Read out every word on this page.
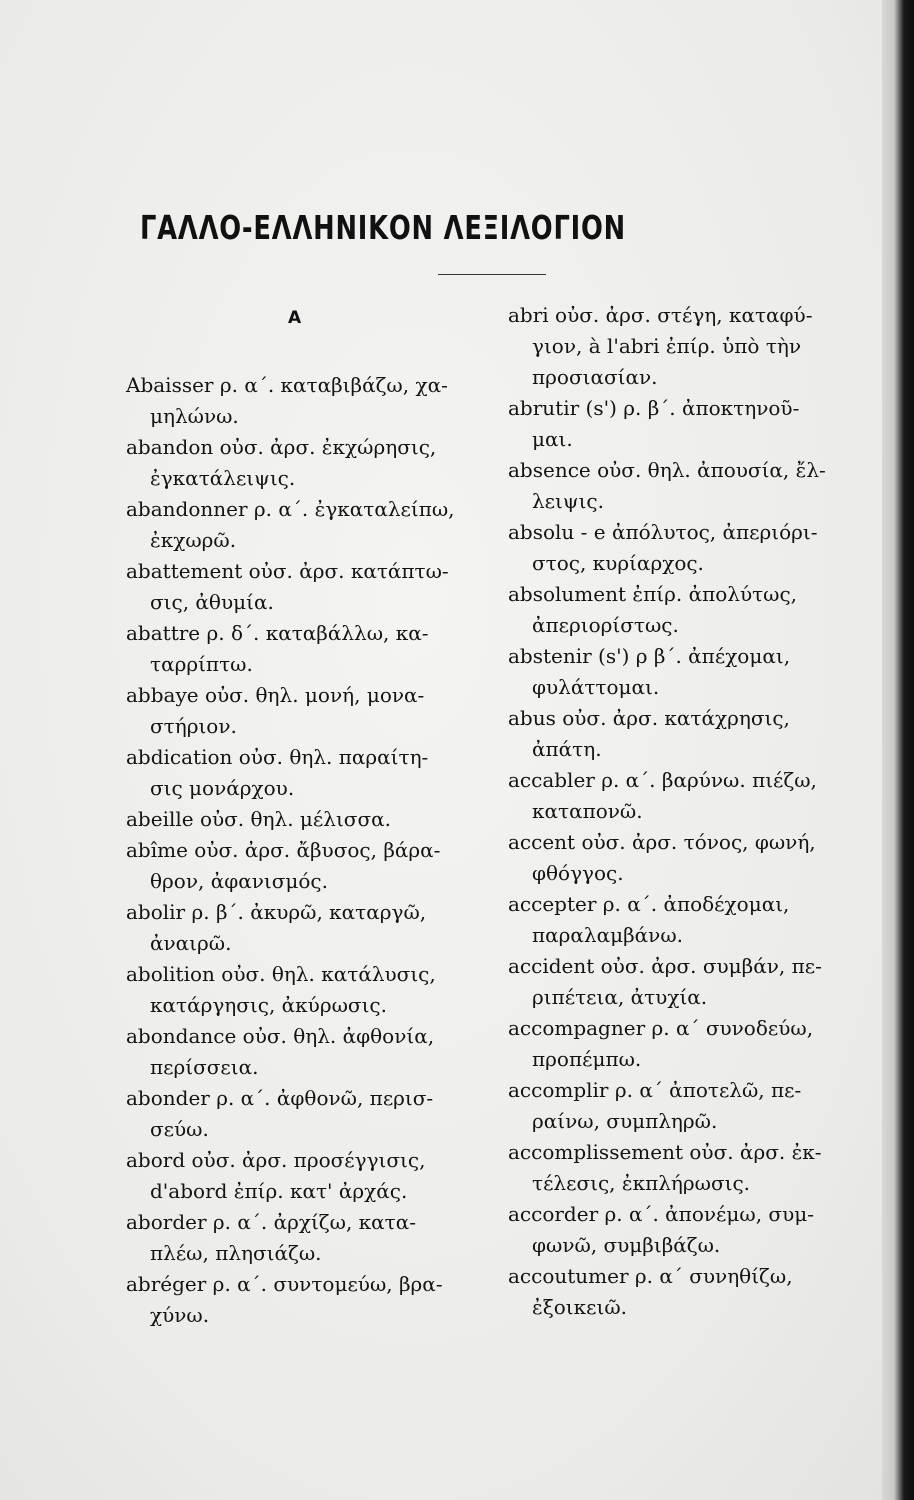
ΓΑΛΛΟ-ΕΛΛΗΝΙΚΟΝ ΛΕΞΙΛΟΓΙΟΝ
Α
Abaisser ρ. α΄. καταβιβάζω, χα-
μηλώνω.
abandon οὐσ. ἀρσ. ἐκχώρησις,
ἐγκατάλειψις.
abandonner ρ. α΄. ἐγκαταλείπω,
ἐκχωρῶ.
abattement οὐσ. ἀρσ. κατάπτω-
σις, ἀθυμία.
abattre ρ. δ΄. καταβάλλω, κα-
ταρρίπτω.
abbaye οὐσ. θηλ. μονή, μονα-
στήριον.
abdication οὐσ. θηλ. παραίτη-
σις μονάρχου.
abeille οὐσ. θηλ. μέλισσα.
abîme οὐσ. ἀρσ. ἄβυσος, βάρα-
θρον, ἀφανισμός.
abolir ρ. β΄. ἀκυρῶ, καταργῶ,
ἀναιρῶ.
abolition οὐσ. θηλ. κατάλυσις,
κατάργησις, ἀκύρωσις.
abondance οὐσ. θηλ. ἀφθονία,
περίσσεια.
abonder ρ. α΄. ἀφθονῶ, περισ-
σεύω.
abord οὐσ. ἀρσ. προσέγγισις,
d'abord ἐπίρ. κατ' ἀρχάς.
aborder ρ. α΄. ἀρχίζω, κατα-
πλέω, πλησιάζω.
abréger ρ. α΄. συντομεύω, βρα-
χύνω.
abri οὐσ. ἀρσ. στέγη, καταφύ-
γιον, à l'abri ἐπίρ. ὑπὸ τὴν
προσιασίαν.
abrutir (s') ρ. β΄. ἀποκτηνοῦ-
μαι.
absence οὐσ. θηλ. ἀπουσία, ἔλ-
λειψις.
absolu - e ἀπόλυτος, ἀπεριόρι-
στος, κυρίαρχος.
absolument ἐπίρ. ἀπολύτως,
ἀπεριορίστως.
abstenir (s') ρ β΄. ἀπέχομαι,
φυλάττομαι.
abus οὐσ. ἀρσ. κατάχρησις,
ἀπάτη.
accabler ρ. α΄. βαρύνω. πιέζω,
καταπονῶ.
accent οὐσ. ἀρσ. τόνος, φωνή,
φθόγγος.
accepter ρ. α΄. ἀποδέχομαι,
παραλαμβάνω.
accident οὐσ. ἀρσ. συμβάν, πε-
ριπέτεια, ἀτυχία.
accompagner ρ. α΄ συνοδεύω,
προπέμπω.
accomplir ρ. α΄ ἀποτελῶ, πε-
ραίνω, συμπληρῶ.
accomplissement οὐσ. ἀρσ. ἐκ-
τέλεσις, ἐκπλήρωσις.
accorder ρ. α΄. ἀπονέμω, συμ-
φωνῶ, συμβιβάζω.
accoutumer ρ. α΄ συνηθίζω,
ἐξοικειῶ.
